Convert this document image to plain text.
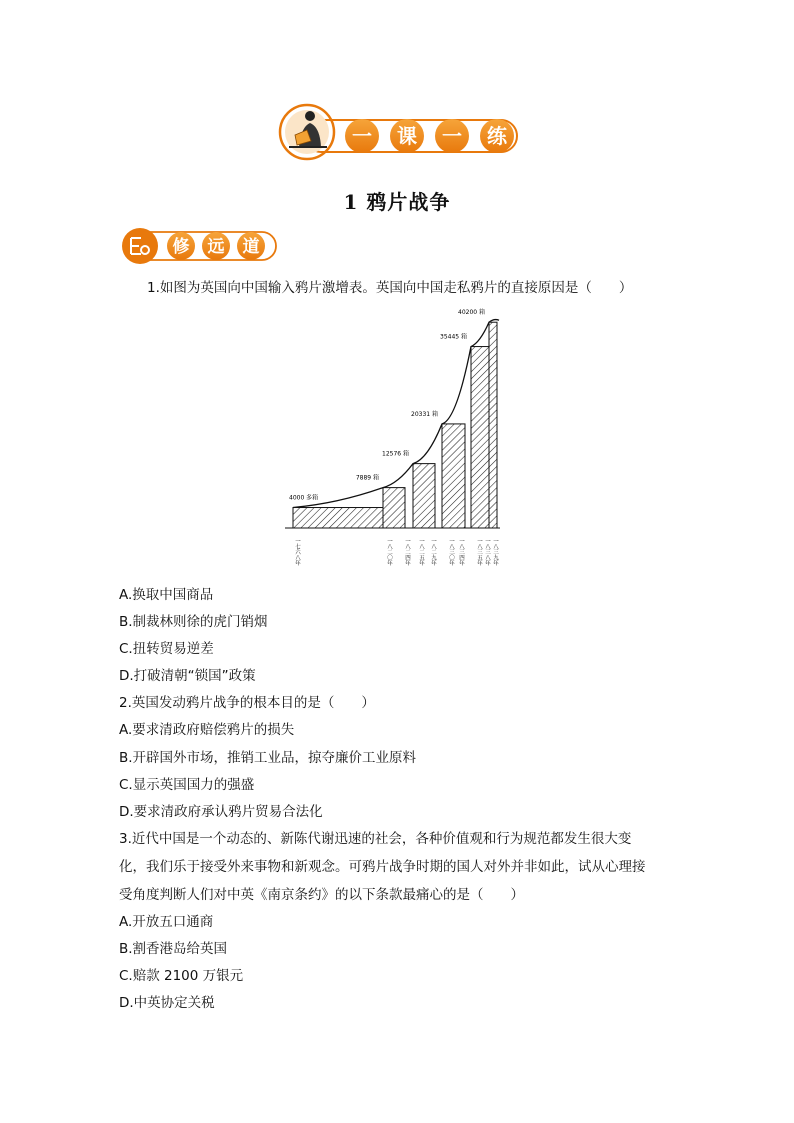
一 课 一 练
1 鸦片战争
修 远 道
1.如图为英国向中国输入鸦片激增表。英国向中国走私鸦片的直接原因是（　　）
4000 多箱
7889 箱
12576 箱
20331 箱
35445 箱
40200 箱
一七六八年	一八二〇年 一八二四年 一八二五年 一八二九年 一八三〇年 一八三四年 一八三五年 一八三八年 一八三九年
A.换取中国商品
B.制裁林则徐的虎门销烟
C.扭转贸易逆差
D.打破清朝“锁国”政策
2.英国发动鸦片战争的根本目的是（　　）
A.要求清政府赔偿鸦片的损失
B.开辟国外市场，推销工业品，掠夺廉价工业原料
C.显示英国国力的强盛
D.要求清政府承认鸦片贸易合法化
3.近代中国是一个动态的、新陈代谢迅速的社会，各种价值观和行为规范都发生很大变
化，我们乐于接受外来事物和新观念。可鸦片战争时期的国人对外并非如此，试从心理接
受角度判断人们对中英《南京条约》的以下条款最痛心的是（　　）
A.开放五口通商
B.割香港岛给英国
C.赔款 2100 万银元
D.中英协定关税
